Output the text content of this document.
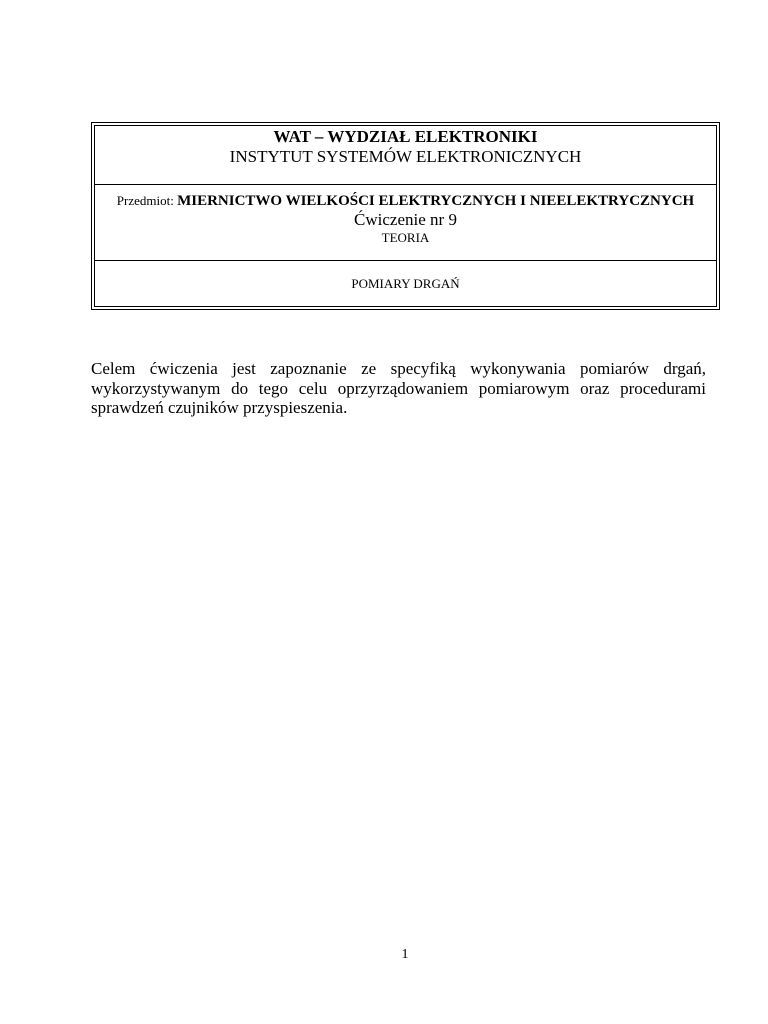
WAT – WYDZIAŁ ELEKTRONIKI
INSTYTUT SYSTEMÓW ELEKTRONICZNYCH
Przedmiot: MIERNICTWO WIELKOŚCI ELEKTRYCZNYCH I NIEELEKTRYCZNYCH
Ćwiczenie nr 9
TEORIA
POMIARY DRGAŃ

Celem ćwiczenia jest zapoznanie ze specyfiką wykonywania pomiarów drgań, wykorzystywanym do tego celu oprzyrządowaniem pomiarowym oraz procedurami sprawdzeń czujników przyspieszenia.

1
